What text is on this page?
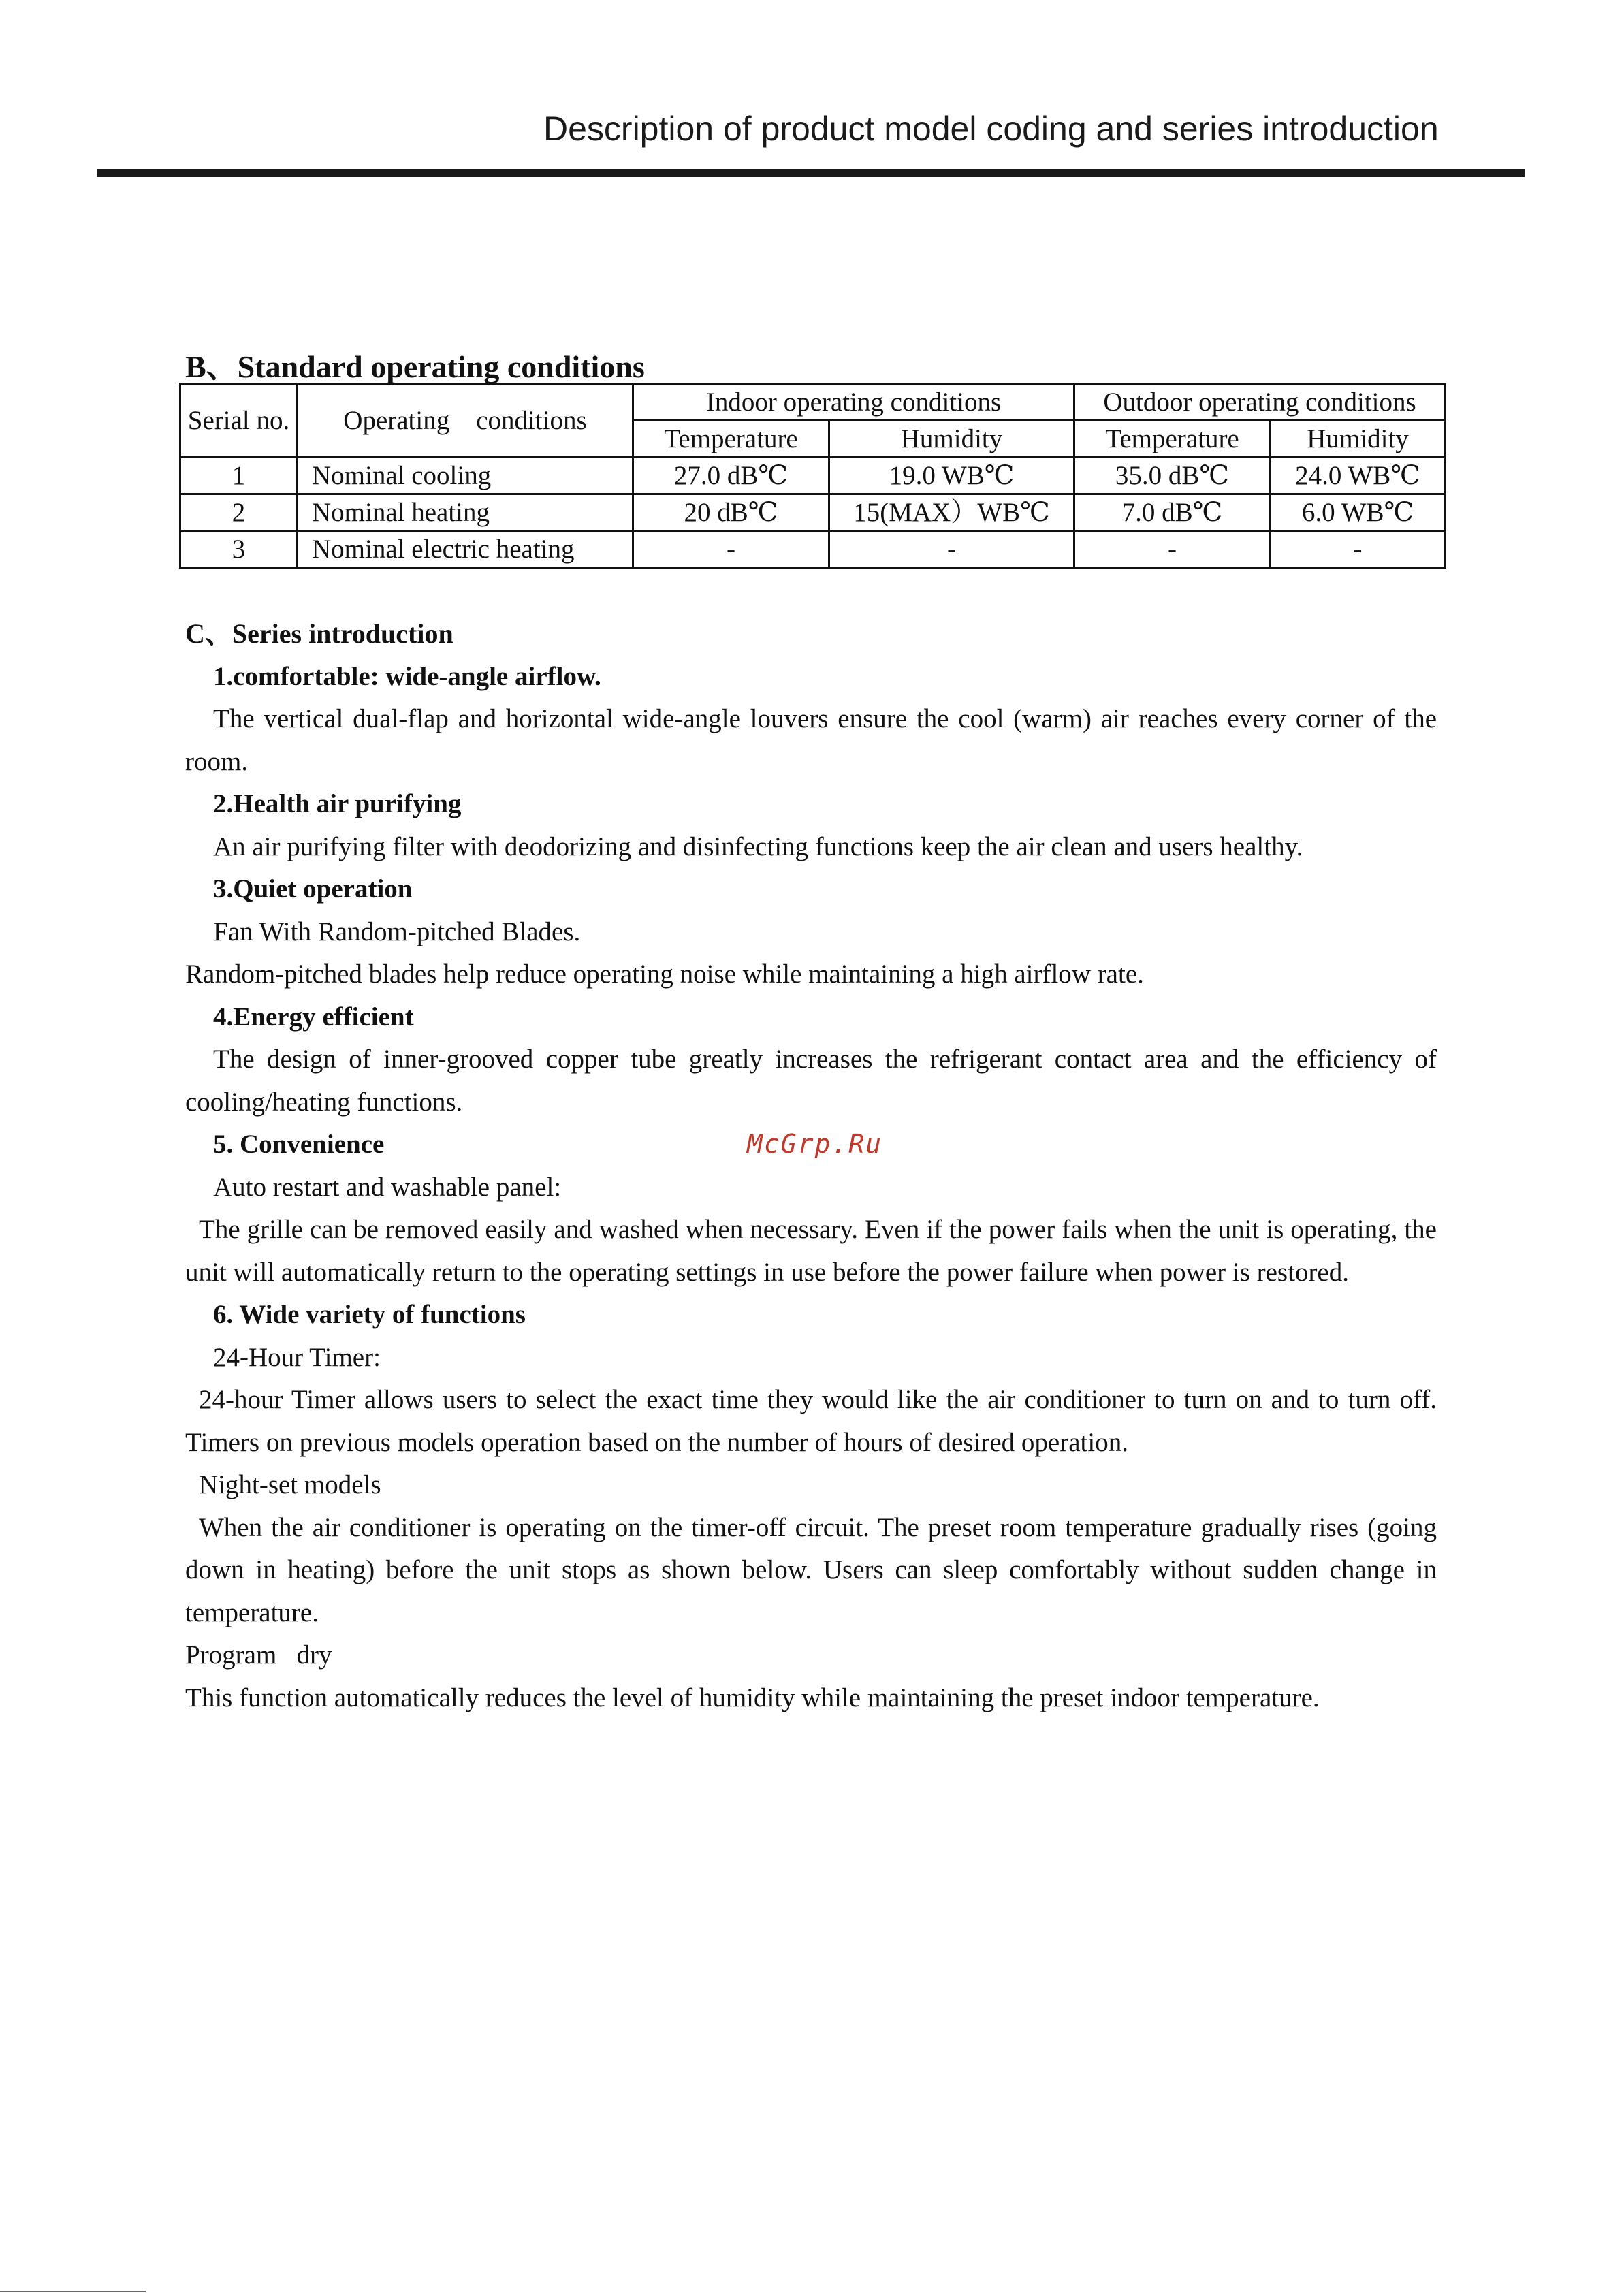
Description of product model coding and series introduction
B、Standard operating conditions
Serial no.	Operating    conditions	Indoor operating conditions		Outdoor operating conditions	
		Temperature	Humidity	Temperature	Humidity
1	Nominal cooling	27.0 dB℃	19.0 WB℃	35.0 dB℃	24.0 WB℃
2	Nominal heating	20 dB℃	15(MAX）WB℃	7.0 dB℃	6.0 WB℃
3	Nominal electric heating	-	-	-	-

C、Series introduction

1.comfortable: wide-angle airflow.

The vertical dual-flap and horizontal wide-angle louvers ensure the cool (warm) air reaches every corner of the room.

2.Health air purifying

An air purifying filter with deodorizing and disinfecting functions keep the air clean and users healthy.

3.Quiet operation

Fan With Random-pitched Blades.

Random-pitched blades help reduce operating noise while maintaining a high airflow rate.

4.Energy efficient

The design of inner-grooved copper tube greatly increases the refrigerant contact area and the efficiency of cooling/heating functions.

5. Convenience

Auto restart and washable panel:

The grille can be removed easily and washed when necessary. Even if the power fails when the unit is operating, the unit will automatically return to the operating settings in use before the power failure when power is restored.

6. Wide variety of functions

24-Hour Timer:

24-hour Timer allows users to select the exact time they would like the air conditioner to turn on and to turn off. Timers on previous models operation based on the number of hours of desired operation.

Night-set models

When the air conditioner is operating on the timer-off circuit. The preset room temperature gradually rises (going down in heating) before the unit stops as shown below. Users can sleep comfortably without sudden change in temperature.

Program   dry

This function automatically reduces the level of humidity while maintaining the preset indoor temperature.

McGrp.Ru
